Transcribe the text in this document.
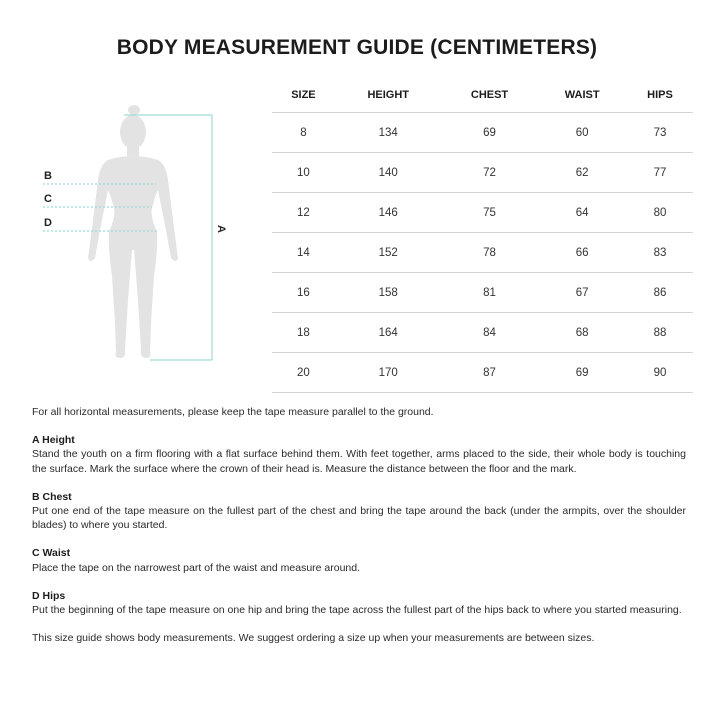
BODY MEASUREMENT GUIDE (CENTIMETERS)
B
C
D	A
SIZE	HEIGHT	CHEST	WAIST	HIPS
8	134	69	60	73
10	140	72	62	77
12	146	75	64	80
14	152	78	66	83
16	158	81	67	86
18	164	84	68	88
20	170	87	69	90

For all horizontal measurements, please keep the tape measure parallel to the ground.

A Height

Stand the youth on a firm flooring with a flat surface behind them. With feet together, arms placed to the side, their whole body is touching the surface. Mark the surface where the crown of their head is. Measure the distance between the floor and the mark.

B Chest

Put one end of the tape measure on the fullest part of the chest and bring the tape around the back (under the armpits, over the shoulder blades) to where you started.

C Waist

Place the tape on the narrowest part of the waist and measure around.

D Hips

Put the beginning of the tape measure on one hip and bring the tape across the fullest part of the hips back to where you started measuring.

This size guide shows body measurements. We suggest ordering a size up when your measurements are between sizes.
